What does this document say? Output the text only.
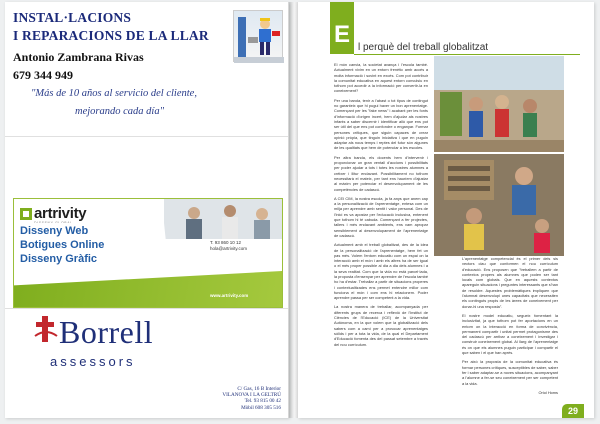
INSTAL·LACIONS
I REPARACIONS DE LA LLAR
Antonio Zambrana Rivas
679 344 949
"Más de 10 años al servicio del cliente,
mejorando cada día"
artrivity
Disseny Web
Botigues Online
Disseny Gràfic
T. 93 860 10 12
hola@artrivity.com
www.artrivity.com
Borrell
assessors
C/ Gas, 16 B Interior
VILANOVA I LA GELTRÚ
Tel. 93 815 00 42
Mòbil 608 305 516
E l perquè del treball globalitzat

El món canvia, la societat avança i l'escola també. Actualment vivim en un entorn frenètic amb accés a molta informació i sovint en excés. Com pot contribuir la comunitat educativa en aquest entorn convulsiu en tothom pot accedir a la informació per convertir-la en coneixement?

Per una banda, tenir a l'abast o tot tipus de contingut no garanteix que hi pugui haver un bon aprenentatge. Començant per les "fake news" i acabant per les fonts d'informació d'origen incert, hem d'ajudar als nostres infants a saber discernir i identificar allò que ens pot ser útil del que ens pot confondre o enganyar. Formar persones crítiques, que siguin capaces de crear opinió pròpia, que tinguin iniciativa i que en puguin adaptar als nous temps i reptes del futur són algunes de les qualitats que hem de potenciar a les escoles.

Per altra banda, els docents hem d'intervenir i proporcionar un gran ventall d'accions i possibilitats per poder ajudar a tots i totes les nostres alumnes a créixer i llitur endavant. Possibilitament no tothom necessitarà el mateix, per tant ens hauríem d'ajustar al màxim per potenciar el desenvolupament de les competències de cadascú.

A CEI CIM, la nostra escola, ja fa anys que anem cap a la personalització de l'aprenentatge, entesa com un milja per aprendre amb sentit i valor personal. Des de l'inici es va apostar per l'educació inclusiva, entenent que tothom hi té cabuda. Començant a fer projectes, tallers i més endavant ambients, ens vam apropar sensiblement al desenvolupament de l'aprenentatge de cadascú.

Actualment amb el treball globalitzat, des de la idea de la personalització de l'aprenentatge, hem fet un pas més. Volem l'entorn educatiu com un espai on la interacció amb el món i amb els altres ha de ser igual o el més proper possible al dia a dia dels alumnes i a la seva realitat. Com que la vida no està parcel·lada, la proposta d'ensenyar per aprendre de l'escola també ho ha d'estar. Treballar a partir de situacions properes i contextualitzades ens permet entendre millor com funciona el món i com ens hi relacionem. Poder aprendre passa per ser competent a la vida.

La nostra manera de treballar, acompanyada per diferents grups de recerca i reflexió de l'Institut de Ciències de l'Educació (ICE) de la Universitat Autònoma, en la que volem que la globalització dels sabers com a camí per a provocar aprenentatges sòlids i per a tota la vida, de la qual el Departament d'Educació fomenta des del passat setembre a través del nou currículum.

L'aprenentatge competencial és el primer dels sis vectors clau que conformen el nou currículum d'educació. Ens proposen que "treballem a partir de contextos propers als alumnes que poden ser tant locals com globals. Que en aquests contextos apareguin situacions i preguntes interessants que s'han de resoldre. Aquestes problemàtiques impliquen que l'alumnat desenvolupi unes capacitats que necessiten els continguts propis de les àrees de coneixement per donar-hi una resposta".

El nostre model educatiu, segueix fomentant la inclusivitat, ja que tothom pot fer aportacions en un entorn on la interacció en forma de convivència, permanent compartir i unitat permet protagonisme des del cadascú per arribar a coneixement i investigar i construir coneixement global. Al llarg de l'aprenentatge és on que els alumnes puguin participar i compartir el que saben i el que han après.

Per això la proposta de la comunitat educativa és formar persones crítiques, susceptibles de saber, saber fer i saber adaptar-se a noves situacions, acompanyant a l'alumne a fer-se seu coneixement per ser competent a la vida.

Oriol Homs

29
